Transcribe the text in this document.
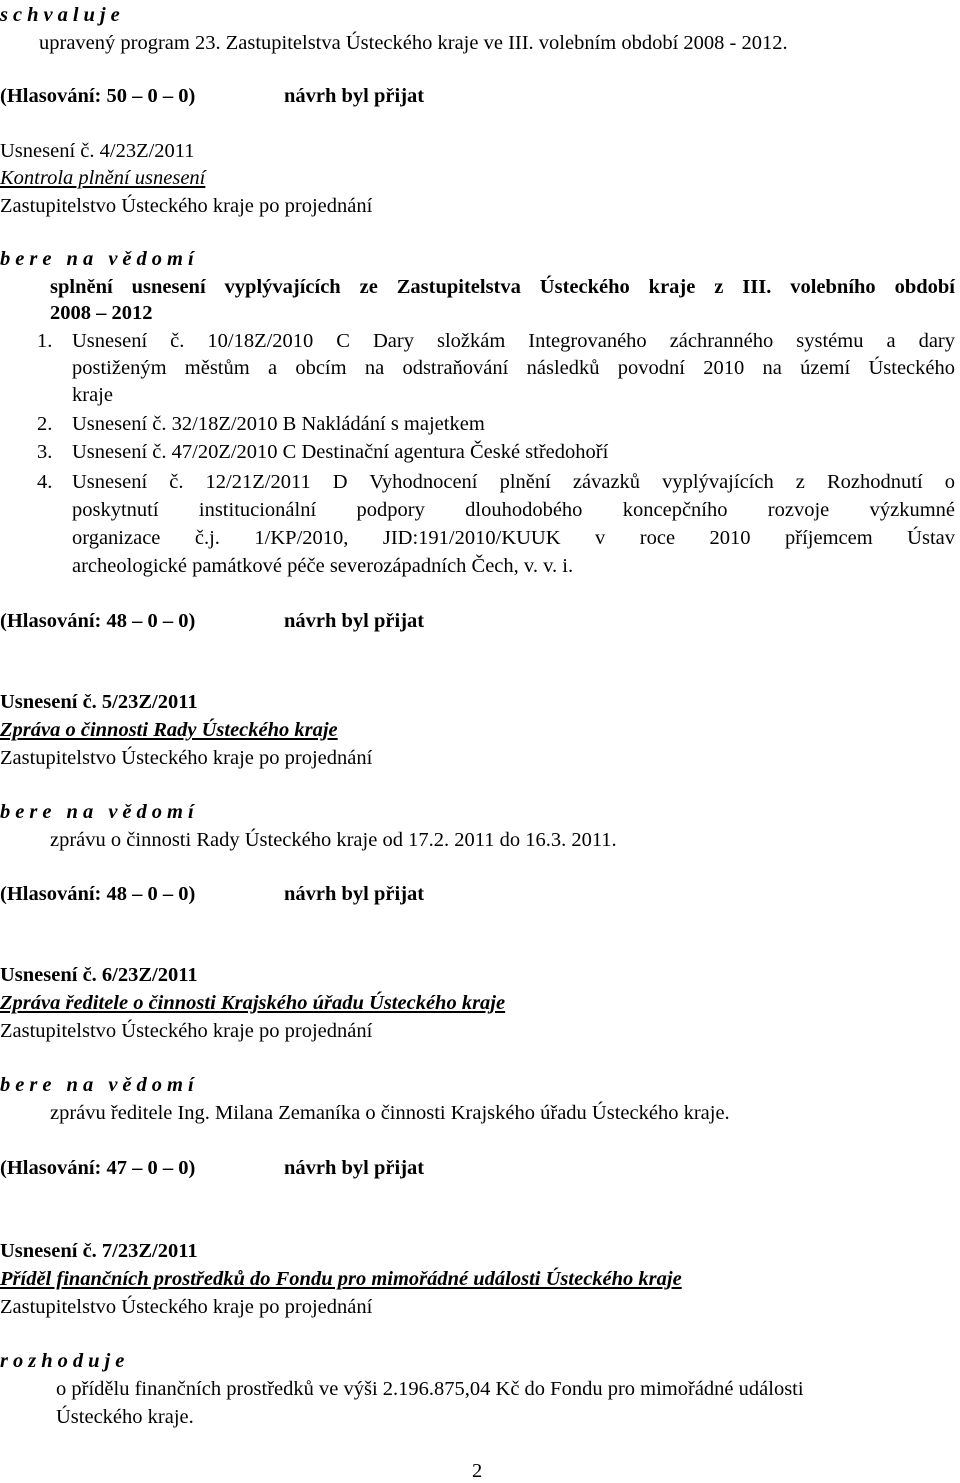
schvaluje
upravený program 23. Zastupitelstva Ústeckého kraje ve III. volebním období 2008 - 2012.
(Hlasování: 50 – 0 – 0)	návrh byl přijat
Usnesení č. 4/23Z/2011
Kontrola plnění usnesení
Zastupitelstvo Ústeckého kraje po projednání
bere na vědomí
splnění usnesení vyplývajících ze Zastupitelstva Ústeckého kraje z III. volebního období
2008 – 2012
1. Usnesení č. 10/18Z/2010 C Dary složkám Integrovaného záchranného systému a dary
postiženým městům a obcím na odstraňování následků povodní 2010 na území Ústeckého
kraje
2. Usnesení č. 32/18Z/2010 B Nakládání s majetkem
3. Usnesení č. 47/20Z/2010 C Destinační agentura České středohoří
4. Usnesení č. 12/21Z/2011 D Vyhodnocení plnění závazků vyplývajících z Rozhodnutí o
poskytnutí institucionální podpory dlouhodobého koncepčního rozvoje výzkumné
organizace č.j. 1/KP/2010, JID:191/2010/KUUK v roce 2010 příjemcem Ústav
archeologické památkové péče severozápadních Čech, v. v. i.
(Hlasování: 48 – 0 – 0)	návrh byl přijat
Usnesení č. 5/23Z/2011
Zpráva o činnosti Rady Ústeckého kraje
Zastupitelstvo Ústeckého kraje po projednání
bere na vědomí
zprávu o činnosti Rady Ústeckého kraje od 17.2. 2011 do 16.3. 2011.
(Hlasování: 48 – 0 – 0)	návrh byl přijat
Usnesení č. 6/23Z/2011
Zpráva ředitele o činnosti Krajského úřadu Ústeckého kraje
Zastupitelstvo Ústeckého kraje po projednání
bere na vědomí
zprávu ředitele Ing. Milana Zemaníka o činnosti Krajského úřadu Ústeckého kraje.
(Hlasování: 47 – 0 – 0)	návrh byl přijat
Usnesení č. 7/23Z/2011
Příděl finančních prostředků do Fondu pro mimořádné události Ústeckého kraje
Zastupitelstvo Ústeckého kraje po projednání
rozhoduje
o přídělu finančních prostředků ve výši 2.196.875,04 Kč do Fondu pro mimořádné události
Ústeckého kraje.
2
